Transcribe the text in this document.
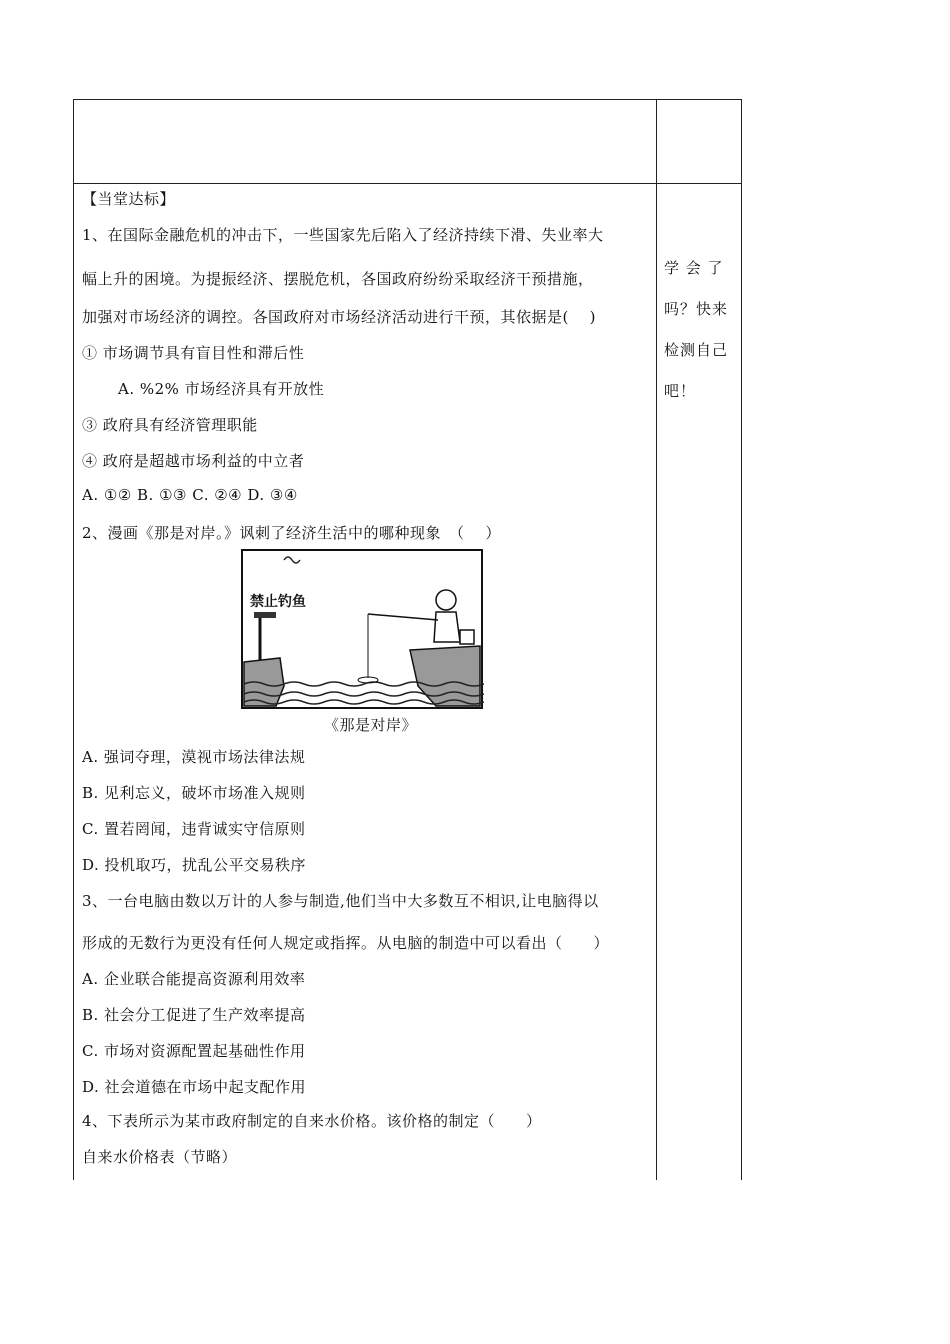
学 会 了
吗？快来
检测自己
吧！
【当堂达标】
1、在国际金融危机的冲击下，一些国家先后陷入了经济持续下滑、失业率大
幅上升的困境。为提振经济、摆脱危机，各国政府纷纷采取经济干预措施，
加强对市场经济的调控。各国政府对市场经济活动进行干预，其依据是(　 )
① 市场调节具有盲目性和滞后性
A. %2% 市场经济具有开放性
③ 政府具有经济管理职能
④ 政府是超越市场利益的中立者
A. ①② B. ①③ C. ②④ D. ③④
2、漫画《那是对岸。》讽刺了经济生活中的哪种现象　（　 ）
禁止钓鱼
《那是对岸》
A. 强词夺理，漠视市场法律法规
B. 见利忘义，破坏市场准入规则
C. 置若罔闻，违背诚实守信原则
D. 投机取巧，扰乱公平交易秩序
3、一台电脑由数以万计的人参与制造,他们当中大多数互不相识,让电脑得以
形成的无数行为更没有任何人规定或指挥。从电脑的制造中可以看出（　　）
A. 企业联合能提高资源利用效率
B. 社会分工促进了生产效率提高
C. 市场对资源配置起基础性作用
D. 社会道德在市场中起支配作用
4、下表所示为某市政府制定的自来水价格。该价格的制定（　　）
自来水价格表（节略）
